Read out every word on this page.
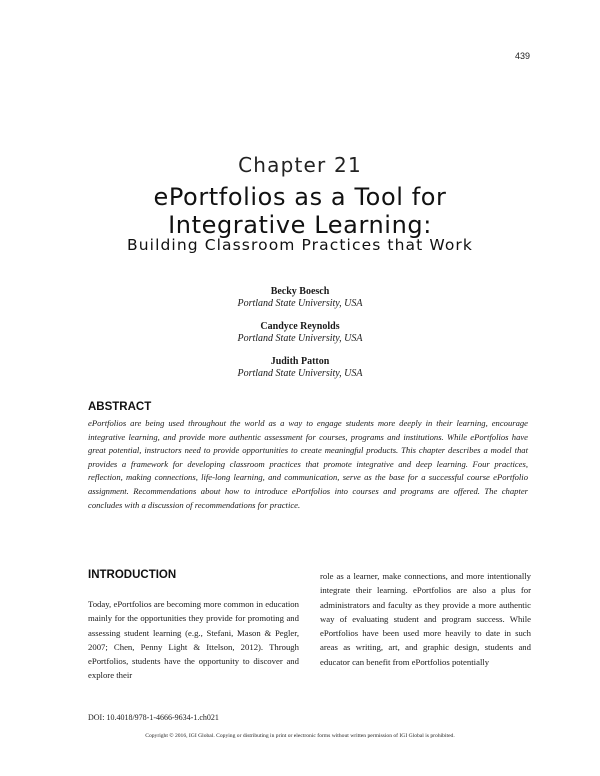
439
Chapter 21
ePortfolios as a Tool for
Integrative Learning:
Building Classroom Practices that Work
Becky Boesch
Portland State University, USA
Candyce Reynolds
Portland State University, USA
Judith Patton
Portland State University, USA
ABSTRACT
ePortfolios are being used throughout the world as a way to engage students more deeply in their learning, encourage integrative learning, and provide more authentic assessment for courses, programs and institutions. While ePortfolios have great potential, instructors need to provide opportunities to create meaningful products. This chapter describes a model that provides a framework for developing classroom practices that promote integrative and deep learning. Four practices, reflection, making connections, life-long learning, and communication, serve as the base for a successful course ePortfolio assignment. Recommendations about how to introduce ePortfolios into courses and programs are offered. The chapter concludes with a discussion of recommendations for practice.
INTRODUCTION
Today, ePortfolios are becoming more common in education mainly for the opportunities they provide for promoting and assessing student learning (e.g., Stefani, Mason & Pegler, 2007; Chen, Penny Light & Ittelson, 2012). Through ePortfolios, students have the opportunity to discover and explore their
role as a learner, make connections, and more intentionally integrate their learning. ePortfolios are also a plus for administrators and faculty as they provide a more authentic way of evaluating student and program success. While ePortfolios have been used more heavily to date in such areas as writing, art, and graphic design, students and educator can benefit from ePortfolios potentially
DOI: 10.4018/978-1-4666-9634-1.ch021
Copyright © 2016, IGI Global. Copying or distributing in print or electronic forms without written permission of IGI Global is prohibited.
